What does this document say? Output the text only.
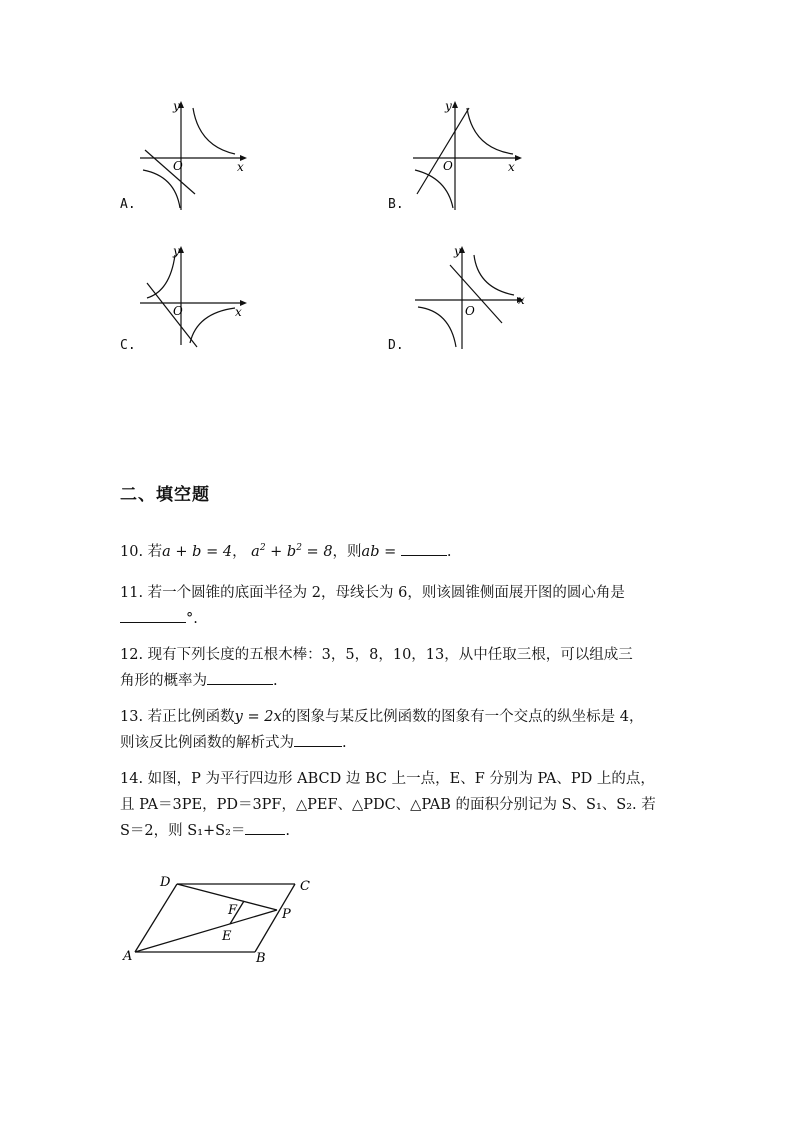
y
x
O
A.
y
x
O
B.
y
x
O
C.
y
x
O
D.
二、填空题
10. 若a + b = 4， $a^2 + b^2 = 8$，则ab =	.
11. 若一个圆锥的底面半径为 2，母线长为 6，则该圆锥侧面展开图的圆心角是
°.
12. 现有下列长度的五根木棒：3，5，8，10，13，从中任取三根，可以组成三
角形的概率为	.
13. 若正比例函数y = 2x的图象与某反比例函数的图象有一个交点的纵坐标是 4，
则该反比例函数的解析式为	.
14. 如图，P 为平行四边形 ABCD 边 BC 上一点，E、F 分别为 PA、PD 上的点，
且 PA＝3PE，PD＝3PF，△PEF、△PDC、△PAB 的面积分别记为 S、S₁、S₂. 若
S＝2，则 S₁+S₂＝	.
A	B
C
D
E
F	P
